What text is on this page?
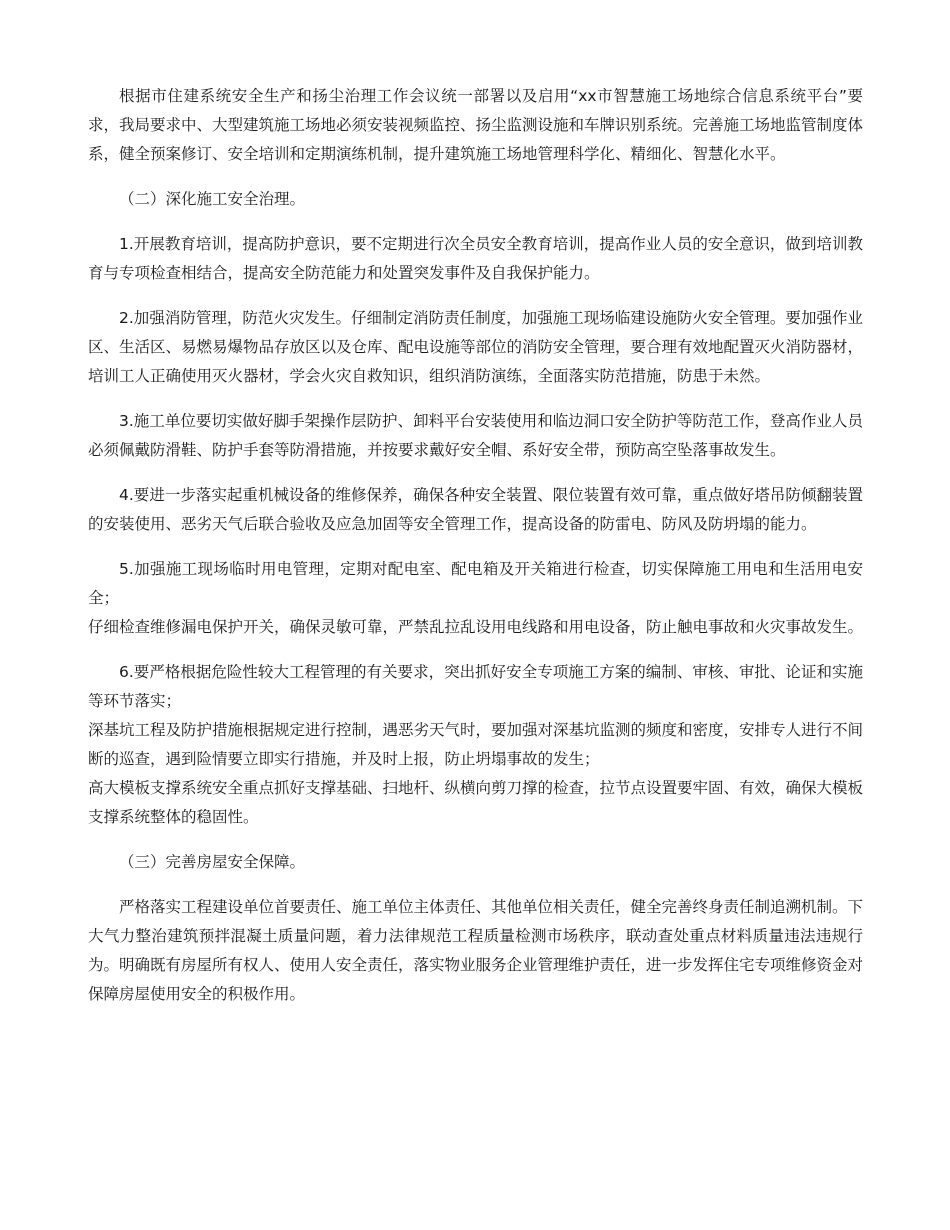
根据市住建系统安全生产和扬尘治理工作会议统一部署以及启用“xx市智慧施工场地综合信息系统平台”要求，我局要求中、大型建筑施工场地必须安装视频监控、扬尘监测设施和车牌识别系统。完善施工场地监管制度体系，健全预案修订、安全培训和定期演练机制，提升建筑施工场地管理科学化、精细化、智慧化水平。

（二）深化施工安全治理。

1.开展教育培训，提高防护意识，要不定期进行次全员安全教育培训，提高作业人员的安全意识，做到培训教育与专项检查相结合，提高安全防范能力和处置突发事件及自我保护能力。

2.加强消防管理，防范火灾发生。仔细制定消防责任制度，加强施工现场临建设施防火安全管理。要加强作业区、生活区、易燃易爆物品存放区以及仓库、配电设施等部位的消防安全管理，要合理有效地配置灭火消防器材，培训工人正确使用灭火器材，学会火灾自救知识，组织消防演练，全面落实防范措施，防患于未然。

3.施工单位要切实做好脚手架操作层防护、卸料平台安装使用和临边洞口安全防护等防范工作，登高作业人员必须佩戴防滑鞋、防护手套等防滑措施，并按要求戴好安全帽、系好安全带，预防高空坠落事故发生。

4.要进一步落实起重机械设备的维修保养，确保各种安全装置、限位装置有效可靠，重点做好塔吊防倾翻装置的安装使用、恶劣天气后联合验收及应急加固等安全管理工作，提高设备的防雷电、防风及防坍塌的能力。

5.加强施工现场临时用电管理，定期对配电室、配电箱及开关箱进行检查，切实保障施工用电和生活用电安全；
仔细检查维修漏电保护开关，确保灵敏可靠，严禁乱拉乱设用电线路和用电设备，防止触电事故和火灾事故发生。
6.要严格根据危险性较大工程管理的有关要求，突出抓好安全专项施工方案的编制、审核、审批、论证和实施等环节落实；
深基坑工程及防护措施根据规定进行控制，遇恶劣天气时，要加强对深基坑监测的频度和密度，安排专人进行不间断的巡查，遇到险情要立即实行措施，并及时上报，防止坍塌事故的发生；
高大模板支撑系统安全重点抓好支撑基础、扫地杆、纵横向剪刀撑的检查，拉节点设置要牢固、有效，确保大模板支撑系统整体的稳固性。

（三）完善房屋安全保障。

严格落实工程建设单位首要责任、施工单位主体责任、其他单位相关责任，健全完善终身责任制追溯机制。下大气力整治建筑预拌混凝土质量问题，着力法律规范工程质量检测市场秩序，联动查处重点材料质量违法违规行为。明确既有房屋所有权人、使用人安全责任，落实物业服务企业管理维护责任，进一步发挥住宅专项维修资金对保障房屋使用安全的积极作用。
